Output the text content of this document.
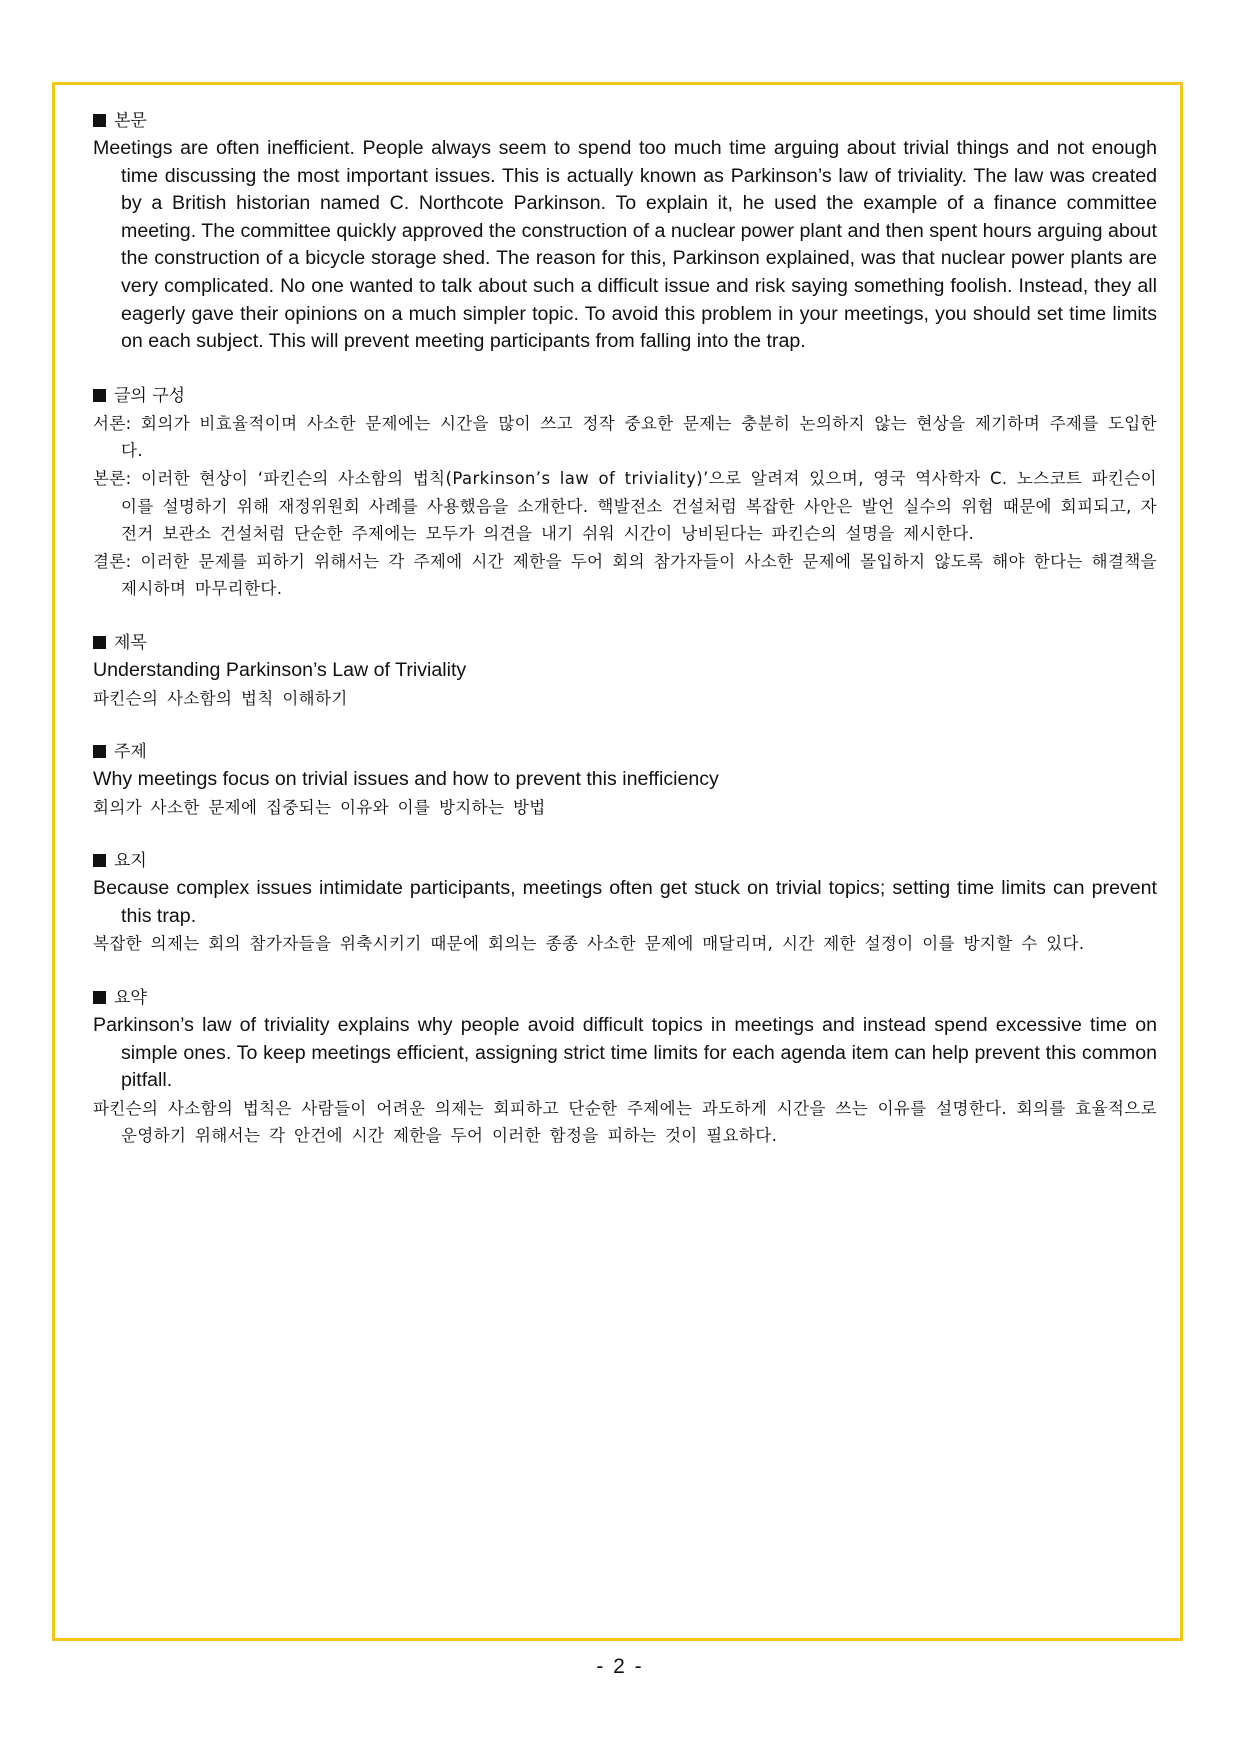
본문

Meetings are often inefficient. People always seem to spend too much time arguing about trivial things and not enough time discussing the most important issues. This is actually known as Parkinson’s law of triviality. The law was created by a British historian named C. Northcote Parkinson. To explain it, he used the example of a finance committee meeting. The committee quickly approved the construction of a nuclear power plant and then spent hours arguing about the construction of a bicycle storage shed. The reason for this, Parkinson explained, was that nuclear power plants are very complicated. No one wanted to talk about such a difficult issue and risk saying something foolish. Instead, they all eagerly gave their opinions on a much simpler topic. To avoid this problem in your meetings, you should set time limits on each subject. This will prevent meeting participants from falling into the trap.

글의 구성

서론: 회의가 비효율적이며 사소한 문제에는 시간을 많이 쓰고 정작 중요한 문제는 충분히 논의하지 않는 현상을 제기하며 주제를 도입한다.

본론: 이러한 현상이 ‘파킨슨의 사소함의 법칙(Parkinson’s law of triviality)’으로 알려져 있으며, 영국 역사학자 C. 노스코트 파킨슨이 이를 설명하기 위해 재정위원회 사례를 사용했음을 소개한다. 핵발전소 건설처럼 복잡한 사안은 발언 실수의 위험 때문에 회피되고, 자전거 보관소 건설처럼 단순한 주제에는 모두가 의견을 내기 쉬워 시간이 낭비된다는 파킨슨의 설명을 제시한다.

결론: 이러한 문제를 피하기 위해서는 각 주제에 시간 제한을 두어 회의 참가자들이 사소한 문제에 몰입하지 않도록 해야 한다는 해결책을 제시하며 마무리한다.

제목

Understanding Parkinson’s Law of Triviality

파킨슨의 사소함의 법칙 이해하기

주제

Why meetings focus on trivial issues and how to prevent this inefficiency

회의가 사소한 문제에 집중되는 이유와 이를 방지하는 방법

요지

Because complex issues intimidate participants, meetings often get stuck on trivial topics; setting time limits can prevent this trap.

복잡한 의제는 회의 참가자들을 위축시키기 때문에 회의는 종종 사소한 문제에 매달리며, 시간 제한 설정이 이를 방지할 수 있다.

요약

Parkinson’s law of triviality explains why people avoid difficult topics in meetings and instead spend excessive time on simple ones. To keep meetings efficient, assigning strict time limits for each agenda item can help prevent this common pitfall.

파킨슨의 사소함의 법칙은 사람들이 어려운 의제는 회피하고 단순한 주제에는 과도하게 시간을 쓰는 이유를 설명한다. 회의를 효율적으로 운영하기 위해서는 각 안건에 시간 제한을 두어 이러한 함정을 피하는 것이 필요하다.

- 2 -
